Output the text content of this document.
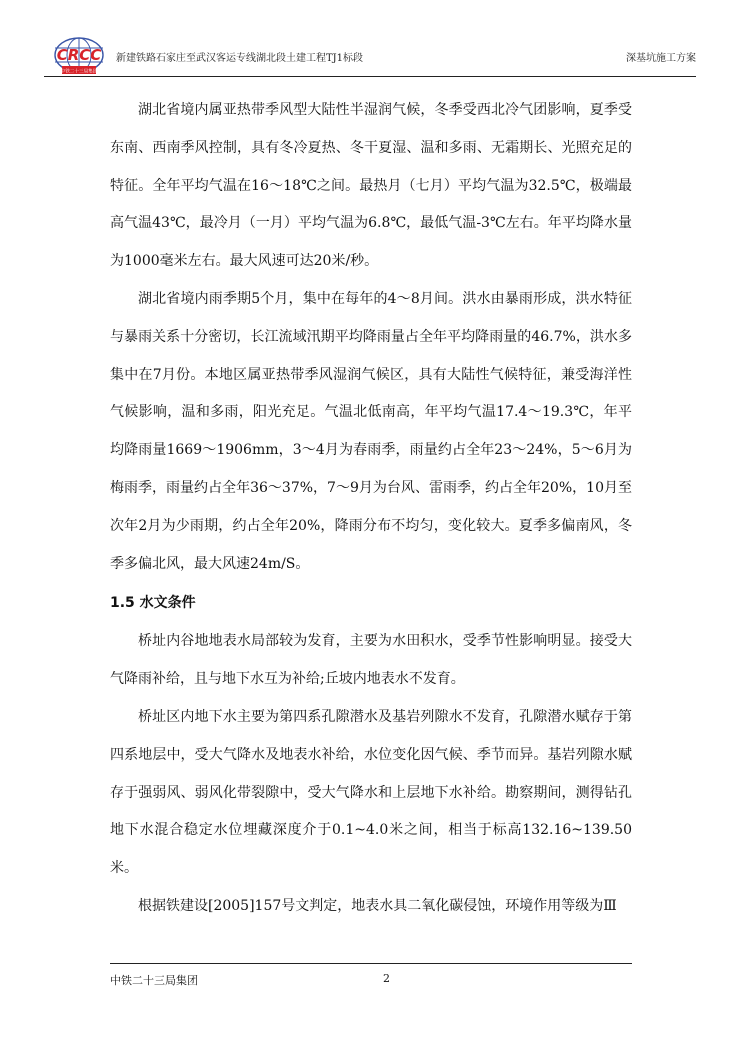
CRCC
中铁二十三局集团
新建铁路石家庄至武汉客运专线湖北段土建工程TJ1标段	深基坑施工方案

湖北省境内属亚热带季风型大陆性半湿润气候，冬季受西北冷气团影响，夏季受东南、西南季风控制，具有冬冷夏热、冬干夏湿、温和多雨、无霜期长、光照充足的特征。全年平均气温在16～18℃之间。最热月（七月）平均气温为32.5℃，极端最高气温43℃，最冷月（一月）平均气温为6.8℃，最低气温-3℃左右。年平均降水量为1000毫米左右。最大风速可达20米/秒。

湖北省境内雨季期5个月，集中在每年的4～8月间。洪水由暴雨形成，洪水特征与暴雨关系十分密切，长江流域汛期平均降雨量占全年平均降雨量的46.7%，洪水多集中在7月份。本地区属亚热带季风湿润气候区，具有大陆性气候特征，兼受海洋性气候影响，温和多雨，阳光充足。气温北低南高，年平均气温17.4～19.3℃，年平均降雨量1669～1906mm，3～4月为春雨季，雨量约占全年23～24%，5～6月为梅雨季，雨量约占全年36～37%，7～9月为台风、雷雨季，约占全年20%，10月至次年2月为少雨期，约占全年20%，降雨分布不均匀，变化较大。夏季多偏南风，冬季多偏北风，最大风速24m/S。

1.5 水文条件

桥址内谷地地表水局部较为发育，主要为水田积水，受季节性影响明显。接受大气降雨补给，且与地下水互为补给;丘坡内地表水不发育。

桥址区内地下水主要为第四系孔隙潜水及基岩列隙水不发育，孔隙潜水赋存于第四系地层中，受大气降水及地表水补给，水位变化因气候、季节而异。基岩列隙水赋存于强弱风、弱风化带裂隙中，受大气降水和上层地下水补给。勘察期间，测得钻孔地下水混合稳定水位埋藏深度介于0.1~4.0米之间，相当于标高132.16~139.50米。

根据铁建设[2005]157号文判定，地表水具二氧化碳侵蚀，环境作用等级为Ⅲ

中铁二十三局集团	2
